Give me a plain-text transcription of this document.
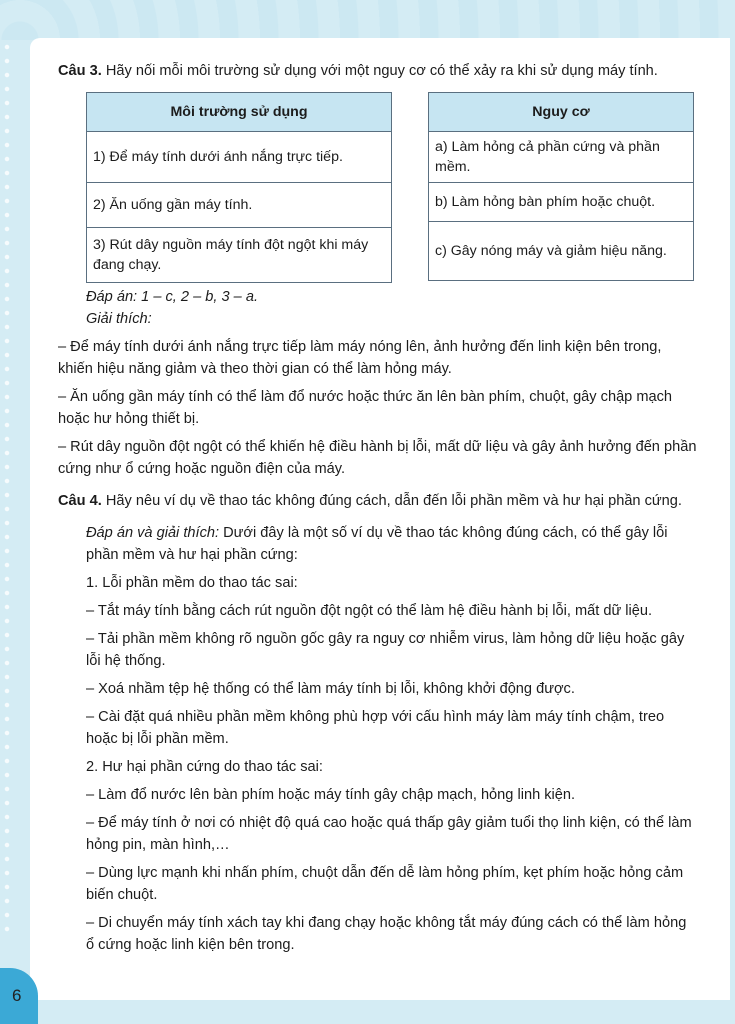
6

Câu 3. Hãy nối mỗi môi trường sử dụng với một nguy cơ có thể xảy ra khi sử dụng máy tính.

Môi trường sử dụng
1) Để máy tính dưới ánh nắng trực tiếp.
2) Ăn uống gần máy tính.
3) Rút dây nguồn máy tính đột ngột khi máy đang chạy.
Nguy cơ
a) Làm hỏng cả phần cứng và phần mềm.
b) Làm hỏng bàn phím hoặc chuột.
c) Gây nóng máy và giảm hiệu năng.

Đáp án: 1 – c, 2 – b, 3 – a.

Giải thích:

– Để máy tính dưới ánh nắng trực tiếp làm máy nóng lên, ảnh hưởng đến linh kiện bên trong, khiến hiệu năng giảm và theo thời gian có thể làm hỏng máy.

– Ăn uống gần máy tính có thể làm đổ nước hoặc thức ăn lên bàn phím, chuột, gây chập mạch hoặc hư hỏng thiết bị.

– Rút dây nguồn đột ngột có thể khiến hệ điều hành bị lỗi, mất dữ liệu và gây ảnh hưởng đến phần cứng như ổ cứng hoặc nguồn điện của máy.

Câu 4. Hãy nêu ví dụ về thao tác không đúng cách, dẫn đến lỗi phần mềm và hư hại phần cứng.

Đáp án và giải thích: Dưới đây là một số ví dụ về thao tác không đúng cách, có thể gây lỗi phần mềm và hư hại phần cứng:

1. Lỗi phần mềm do thao tác sai:

– Tắt máy tính bằng cách rút nguồn đột ngột có thể làm hệ điều hành bị lỗi, mất dữ liệu.

– Tải phần mềm không rõ nguồn gốc gây ra nguy cơ nhiễm virus, làm hỏng dữ liệu hoặc gây lỗi hệ thống.

– Xoá nhầm tệp hệ thống có thể làm máy tính bị lỗi, không khởi động được.

– Cài đặt quá nhiều phần mềm không phù hợp với cấu hình máy làm máy tính chậm, treo hoặc bị lỗi phần mềm.

2. Hư hại phần cứng do thao tác sai:

– Làm đổ nước lên bàn phím hoặc máy tính gây chập mạch, hỏng linh kiện.

– Để máy tính ở nơi có nhiệt độ quá cao hoặc quá thấp gây giảm tuổi thọ linh kiện, có thể làm hỏng pin, màn hình,…

– Dùng lực mạnh khi nhấn phím, chuột dẫn đến dễ làm hỏng phím, kẹt phím hoặc hỏng cảm biến chuột.

– Di chuyển máy tính xách tay khi đang chạy hoặc không tắt máy đúng cách có thể làm hỏng ổ cứng hoặc linh kiện bên trong.
